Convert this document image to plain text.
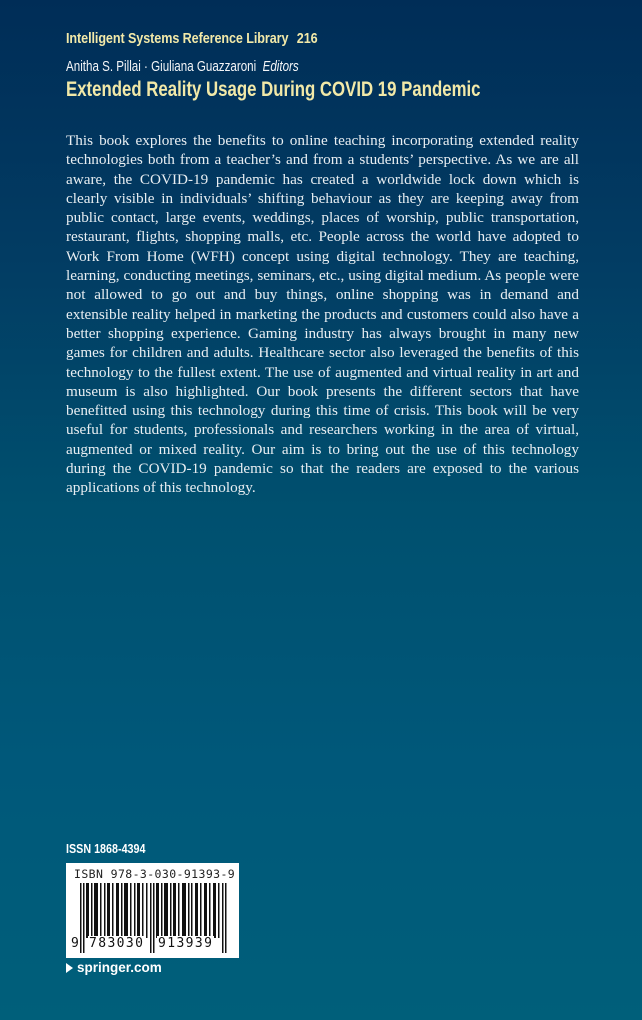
Intelligent Systems Reference Library 216
Anitha S. Pillai · Giuliana Guazzaroni Editors
Extended Reality Usage During COVID 19 Pandemic

This book explores the benefits to online teaching incorporating extended reality technologies both from a teacher’s and from a students’ perspective. As we are all aware, the COVID-19 pandemic has created a worldwide lock down which is clearly visible in individuals’ shifting behaviour as they are keeping away from public contact, large events, weddings, places of worship, public transportation, restaurant, flights, shopping malls, etc. People across the world have adopted to Work From Home (WFH) concept using digital technology. They are teaching, learning, conducting meetings, seminars, etc., using digital medium. As people were not allowed to go out and buy things, online shopping was in demand and extensible reality helped in marketing the products and customers could also have a better shopping experience. Gaming industry has always brought in many new games for children and adults. Healthcare sector also leveraged the benefits of this technology to the fullest extent. The use of augmented and virtual reality in art and museum is also highlighted. Our book presents the different sectors that have benefitted using this technology during this time of crisis. This book will be very useful for students, professionals and researchers working in the area of virtual, augmented or mixed reality. Our aim is to bring out the use of this technology during the COVID-19 pandemic so that the readers are exposed to the various applications of this technology.

ISSN 1868-4394
ISBN 978-3-030-91393-9
9 783030 913939
springer.com
